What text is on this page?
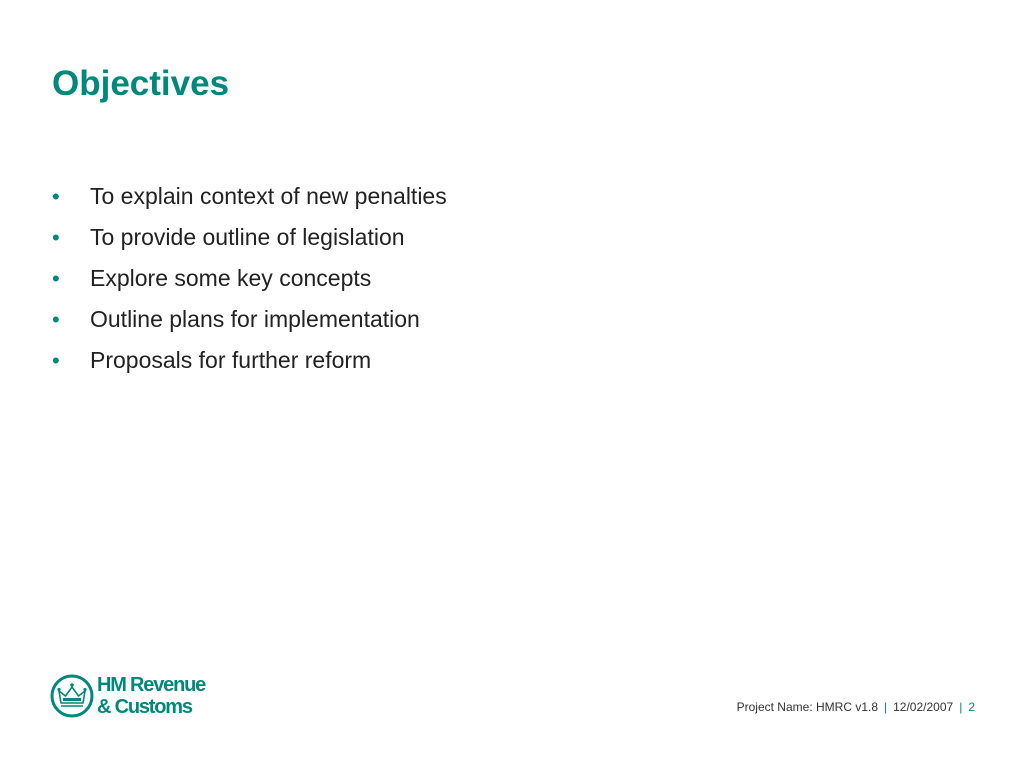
Objectives
• To explain context of new penalties
• To provide outline of legislation
• Explore some key concepts
• Outline plans for implementation
• Proposals for further reform
HM Revenue
& Customs	Project Name: HMRC v1.8 | 12/02/2007 | 2
